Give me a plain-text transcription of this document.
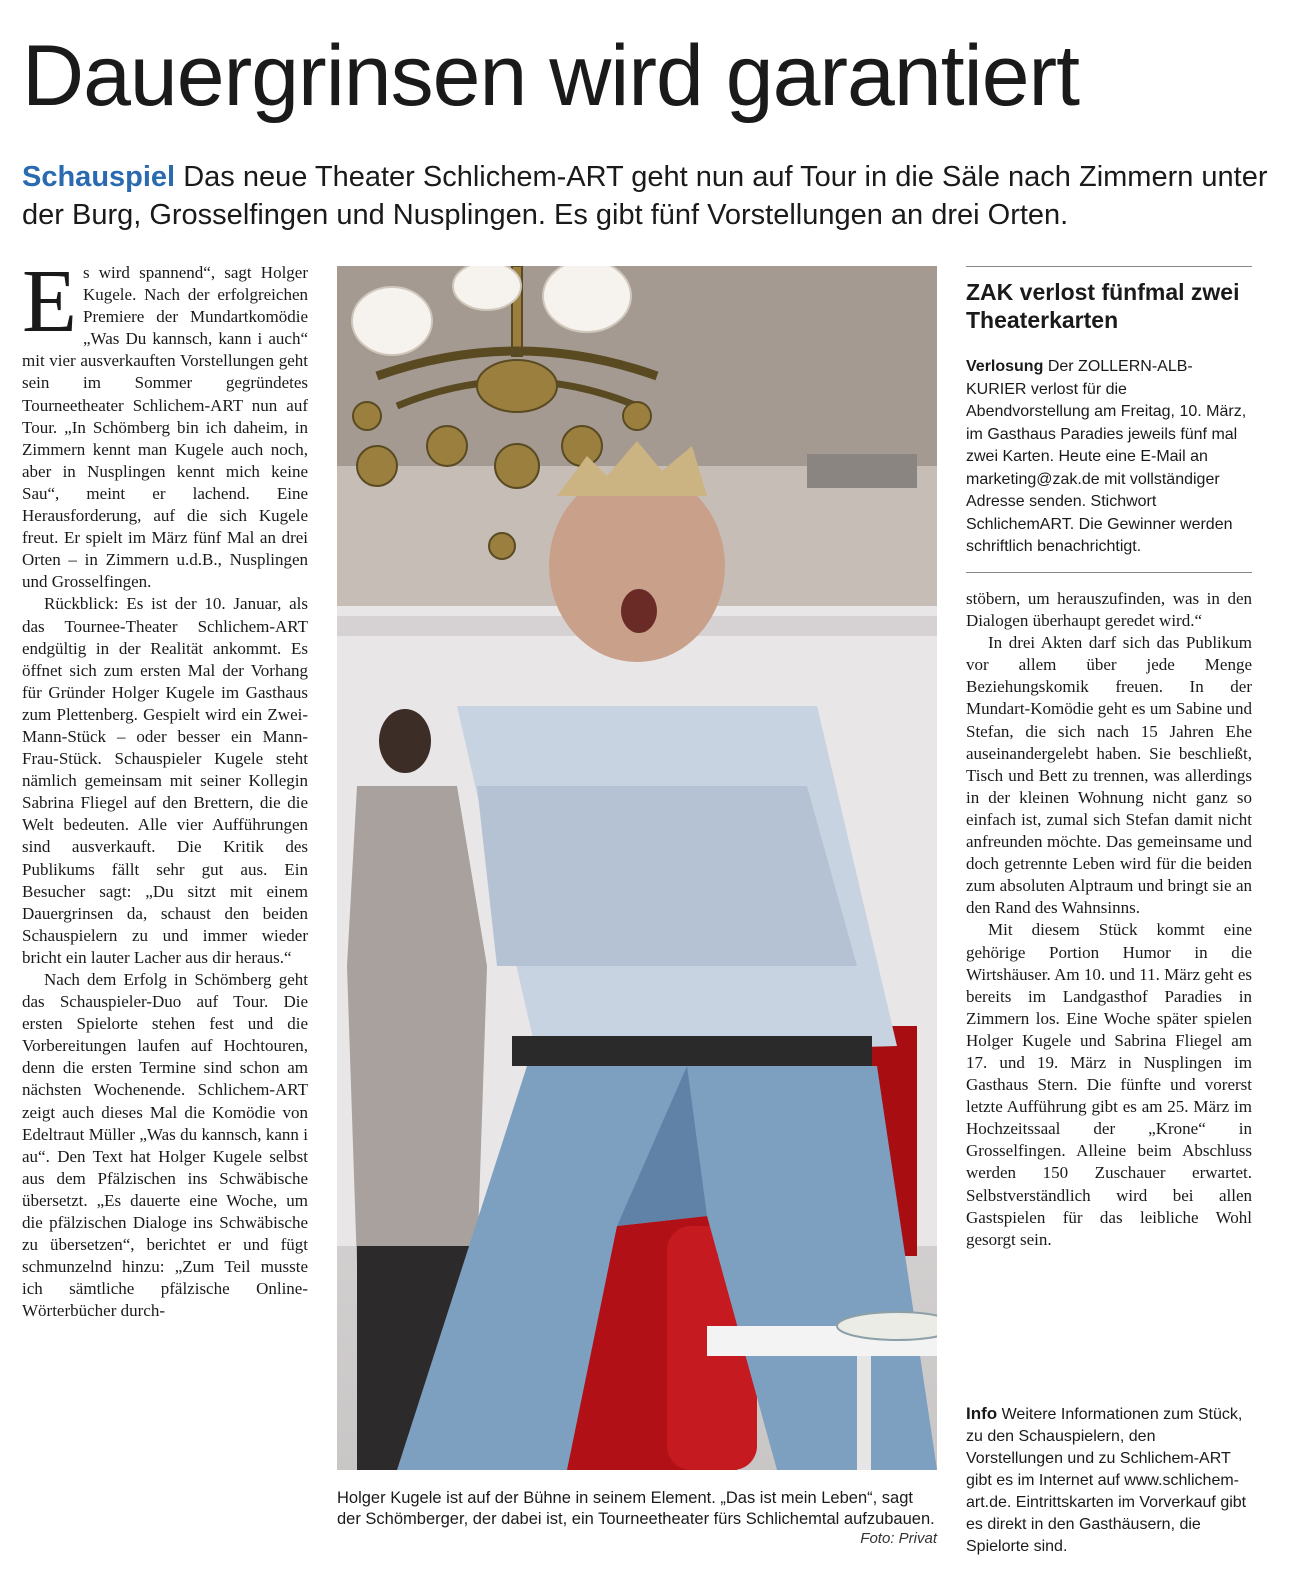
Dauergrinsen wird garantiert

Schauspiel Das neue Theater Schlichem-ART geht nun auf Tour in die Säle nach Zimmern unter der Burg, Grosselfingen und Nusplingen. Es gibt fünf Vorstellungen an drei Orten.

Es wird spannend“, sagt Holger Kugele. Nach der erfolgreichen Premiere der Mundartkomödie „Was Du kannsch, kann i auch“ mit vier ausverkauften Vorstellungen geht sein im Sommer gegründetes Tourneetheater Schlichem-ART nun auf Tour. „In Schömberg bin ich daheim, in Zimmern kennt man Kugele auch noch, aber in Nusplingen kennt mich keine Sau“, meint er lachend. Eine Herausforderung, auf die sich Kugele freut. Er spielt im März fünf Mal an drei Orten – in Zimmern u.d.B., Nusplingen und Grosselfingen.

Rückblick: Es ist der 10. Januar, als das Tournee-Theater Schlichem-ART endgültig in der Realität ankommt. Es öffnet sich zum ersten Mal der Vorhang für Gründer Holger Kugele im Gasthaus zum Plettenberg. Gespielt wird ein Zwei-Mann-Stück – oder besser ein Mann-Frau-Stück. Schauspieler Kugele steht nämlich gemeinsam mit seiner Kollegin Sabrina Fliegel auf den Brettern, die die Welt bedeuten. Alle vier Aufführungen sind ausverkauft. Die Kritik des Publikums fällt sehr gut aus. Ein Besucher sagt: „Du sitzt mit einem Dauergrinsen da, schaust den beiden Schauspielern zu und immer wieder bricht ein lauter Lacher aus dir heraus.“

Nach dem Erfolg in Schömberg geht das Schauspieler-Duo auf Tour. Die ersten Spielorte stehen fest und die Vorbereitungen laufen auf Hochtouren, denn die ersten Termine sind schon am nächsten Wochenende. Schlichem-ART zeigt auch dieses Mal die Komödie von Edeltraut Müller „Was du kannsch, kann i au“. Den Text hat Holger Kugele selbst aus dem Pfälzischen ins Schwäbische übersetzt. „Es dauerte eine Woche, um die pfälzischen Dialoge ins Schwäbische zu übersetzen“, berichtet er und fügt schmunzelnd hinzu: „Zum Teil musste ich sämtliche pfälzische Online-Wörterbücher durch-

Holger Kugele ist auf der Bühne in seinem Element. „Das ist mein Leben“, sagt der Schömberger, der dabei ist, ein Tourneetheater fürs Schlichemtal aufzubauen.
Foto: Privat
ZAK verlost fünfmal zwei Theaterkarten

Verlosung Der ZOLLERN-ALB-KURIER verlost für die Abendvorstellung am Freitag, 10. März, im Gasthaus Paradies jeweils fünf mal zwei Karten. Heute eine E-Mail an marketing@zak.de mit vollständiger Adresse senden. Stichwort SchlichemART. Die Gewinner werden schriftlich benachrichtigt.

stöbern, um herauszufinden, was in den Dialogen überhaupt geredet wird.“

In drei Akten darf sich das Publikum vor allem über jede Menge Beziehungskomik freuen. In der Mundart-Komödie geht es um Sabine und Stefan, die sich nach 15 Jahren Ehe auseinandergelebt haben. Sie beschließt, Tisch und Bett zu trennen, was allerdings in der kleinen Wohnung nicht ganz so einfach ist, zumal sich Stefan damit nicht anfreunden möchte. Das gemeinsame und doch getrennte Leben wird für die beiden zum absoluten Alptraum und bringt sie an den Rand des Wahnsinns.

Mit diesem Stück kommt eine gehörige Portion Humor in die Wirtshäuser. Am 10. und 11. März geht es bereits im Landgasthof Paradies in Zimmern los. Eine Woche später spielen Holger Kugele und Sabrina Fliegel am 17. und 19. März in Nusplingen im Gasthaus Stern. Die fünfte und vorerst letzte Aufführung gibt es am 25. März im Hochzeitssaal der „Krone“ in Grosselfingen. Alleine beim Abschluss werden 150 Zuschauer erwartet. Selbstverständlich wird bei allen Gastspielen für das leibliche Wohl gesorgt sein.

Info Weitere Informationen zum Stück, zu den Schauspielern, den Vorstellungen und zu Schlichem-ART gibt es im Internet auf www.schlichem-art.de. Eintrittskarten im Vorverkauf gibt es direkt in den Gasthäusern, die Spielorte sind.
